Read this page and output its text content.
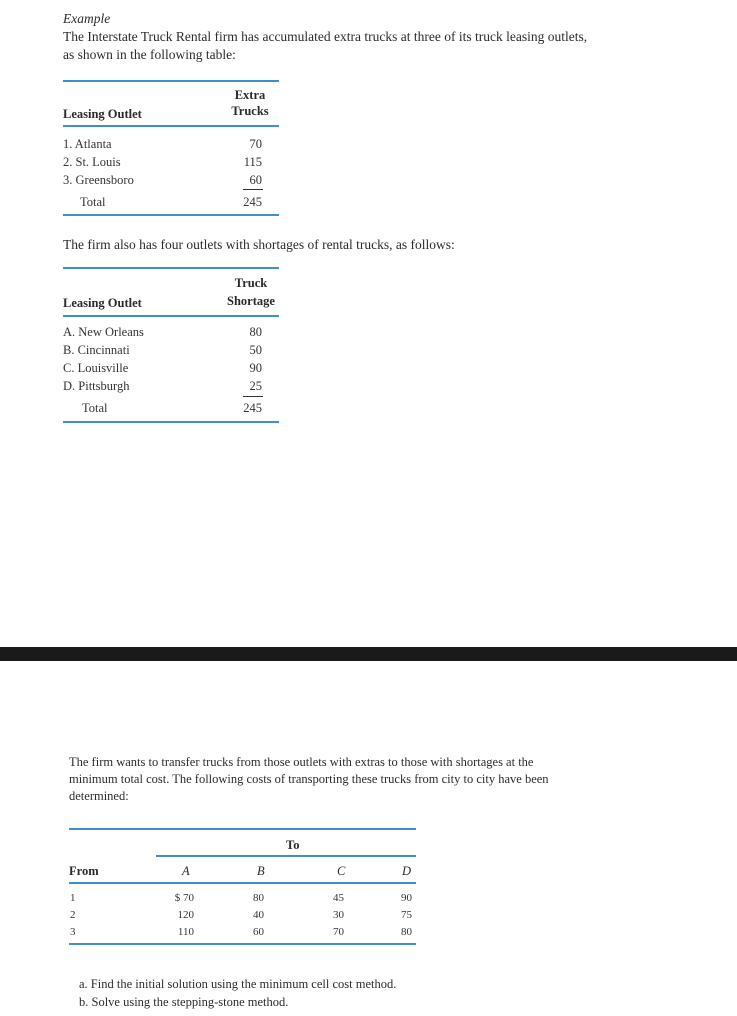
Example
The Interstate Truck Rental firm has accumulated extra trucks at three of its truck leasing outlets,
as shown in the following table:
Extra
Trucks
Leasing Outlet
1. Atlanta	70
2. St. Louis	115
3. Greensboro	60
Total	245
The firm also has four outlets with shortages of rental trucks, as follows:
Truck
Shortage
Leasing Outlet
A. New Orleans	80
B. Cincinnati	50
C. Louisville	90
D. Pittsburgh	25
Total	245
The firm wants to transfer trucks from those outlets with extras to those with shortages at the
minimum total cost. The following costs of transporting these trucks from city to city have been
determined:
To
From	A	B	C	D
1	$ 70	80	45	90
2	120	40	30	75
3	110	60	70	80
a. Find the initial solution using the minimum cell cost method.
b. Solve using the stepping-stone method.
